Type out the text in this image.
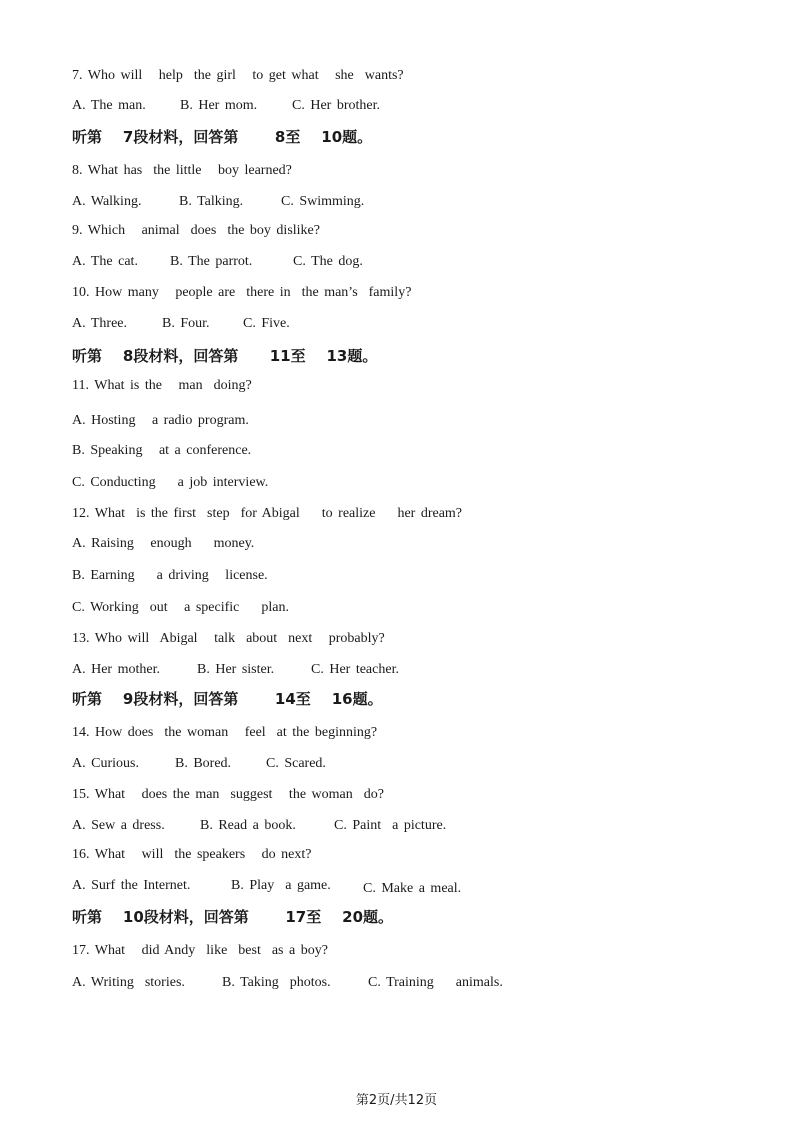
7. Who will   help  the girl   to get what   she  wants?
A. The man. B. Her mom. C. Her brother.
听第 7段材料，回答第 8至 10题。
8. What has  the little   boy learned?
A. Walking.	B. Talking.	C. Swimming.
9. Which   animal  does  the boy dislike?
A. The cat. B. The parrot.	C. The dog.
10. How many   people are  there in  the man’s  family?
A. Three.	B. Four. C. Five.
听第 8段材料，回答第 11至 13题。
11. What is the   man  doing?
A. Hosting   a radio program.
B. Speaking   at a conference.
C. Conducting    a job interview.
12. What  is the first  step  for Abigal    to realize    her dream?
A. Raising   enough    money.
B. Earning    a driving   license.
C. Working  out   a specific    plan.
13. Who will  Abigal   talk  about  next   probably?
A. Her mother.	B. Her sister.	C. Her teacher.
听第 9段材料，回答第 14至 16题。
14. How does  the woman   feel  at the beginning?
A. Curious.	B. Bored. C. Scared.
15. What   does the man  suggest   the woman  do?
A. Sew a dress.	B. Read a book.	C. Paint  a picture.
16. What   will  the speakers   do next?
A. Surf the Internet.	B. Play  a game. C. Make a meal.
听第 10段材料，回答第 17至 20题。
17. What   did Andy  like  best  as a boy?
A. Writing  stories.	B. Taking  photos.	C. Training    animals.
第2页/共12页
